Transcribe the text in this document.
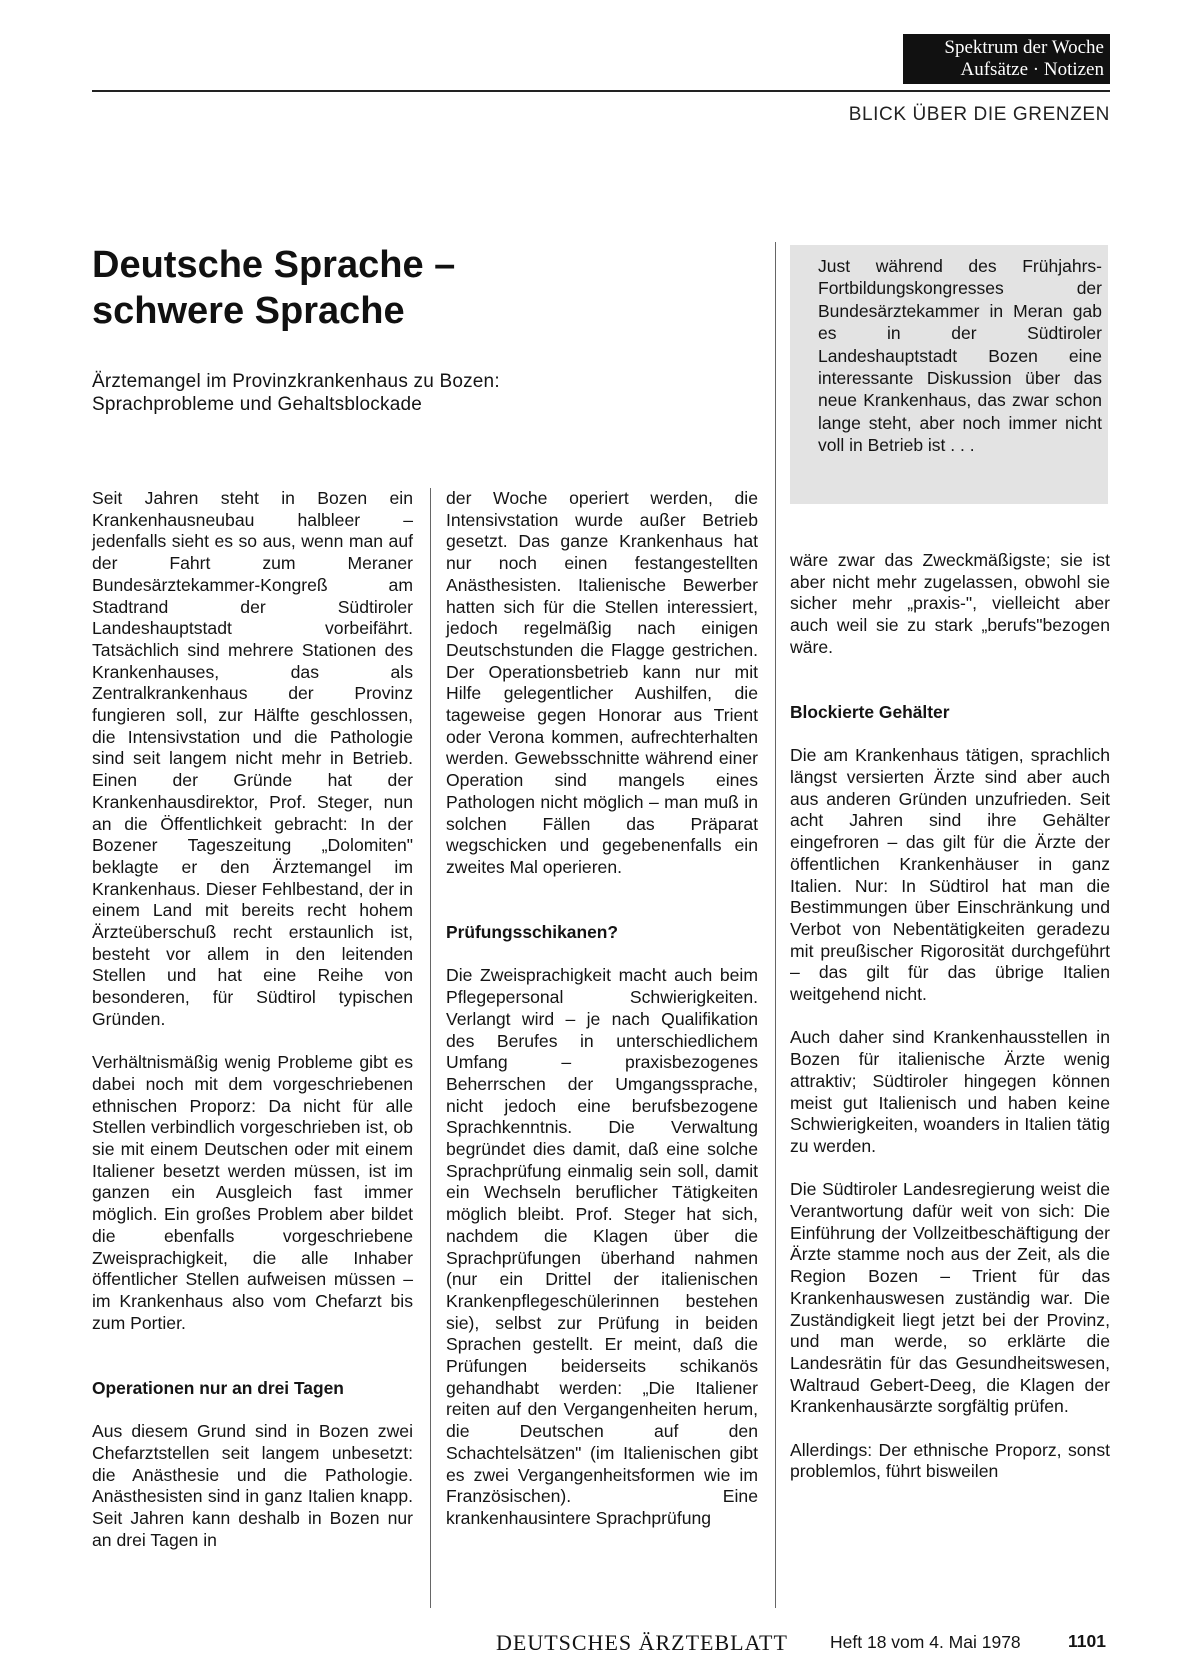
Spektrum der Woche
Aufsätze · Notizen
BLICK ÜBER DIE GRENZEN
Deutsche Sprache –
schwere Sprache
Ärztemangel im Provinzkrankenhaus zu Bozen:
Sprachprobleme und Gehaltsblockade
Just während des Frühjahrs-Fortbildungskongresses der Bundesärztekammer in Meran gab es in der Südtiroler Landeshauptstadt Bozen eine interessante Diskussion über das neue Krankenhaus, das zwar schon lange steht, aber noch immer nicht voll in Betrieb ist . . .

Seit Jahren steht in Bozen ein Krankenhausneubau halbleer – jedenfalls sieht es so aus, wenn man auf der Fahrt zum Meraner Bundesärztekammer-Kongreß am Stadtrand der Südtiroler Landeshauptstadt vorbeifährt. Tatsächlich sind mehrere Stationen des Krankenhauses, das als Zentralkrankenhaus der Provinz fungieren soll, zur Hälfte geschlossen, die Intensivstation und die Pathologie sind seit langem nicht mehr in Betrieb. Einen der Gründe hat der Krankenhausdirektor, Prof. Steger, nun an die Öffentlichkeit gebracht: In der Bozener Tageszeitung „Dolomiten" beklagte er den Ärztemangel im Krankenhaus. Dieser Fehlbestand, der in einem Land mit bereits recht hohem Ärzteüberschuß recht erstaunlich ist, besteht vor allem in den leitenden Stellen und hat eine Reihe von besonderen, für Südtirol typischen Gründen.

Verhältnismäßig wenig Probleme gibt es dabei noch mit dem vorgeschriebenen ethnischen Proporz: Da nicht für alle Stellen verbindlich vorgeschrieben ist, ob sie mit einem Deutschen oder mit einem Italiener besetzt werden müssen, ist im ganzen ein Ausgleich fast immer möglich. Ein großes Problem aber bildet die ebenfalls vorgeschriebene Zweisprachigkeit, die alle Inhaber öffentlicher Stellen aufweisen müssen – im Krankenhaus also vom Chefarzt bis zum Portier.

Operationen nur an drei Tagen

Aus diesem Grund sind in Bozen zwei Chefarztstellen seit langem unbesetzt: die Anästhesie und die Pathologie. Anästhesisten sind in ganz Italien knapp. Seit Jahren kann deshalb in Bozen nur an drei Tagen in

der Woche operiert werden, die Intensivstation wurde außer Betrieb gesetzt. Das ganze Krankenhaus hat nur noch einen festangestellten Anästhesisten. Italienische Bewerber hatten sich für die Stellen interessiert, jedoch regelmäßig nach einigen Deutschstunden die Flagge gestrichen. Der Operationsbetrieb kann nur mit Hilfe gelegentlicher Aushilfen, die tageweise gegen Honorar aus Trient oder Verona kommen, aufrechterhalten werden. Gewebsschnitte während einer Operation sind mangels eines Pathologen nicht möglich – man muß in solchen Fällen das Präparat wegschicken und gegebenenfalls ein zweites Mal operieren.

Prüfungsschikanen?

Die Zweisprachigkeit macht auch beim Pflegepersonal Schwierigkeiten. Verlangt wird – je nach Qualifikation des Berufes in unterschiedlichem Umfang – praxisbezogenes Beherrschen der Umgangssprache, nicht jedoch eine berufsbezogene Sprachkenntnis. Die Verwaltung begründet dies damit, daß eine solche Sprachprüfung einmalig sein soll, damit ein Wechseln beruflicher Tätigkeiten möglich bleibt. Prof. Steger hat sich, nachdem die Klagen über die Sprachprüfungen überhand nahmen (nur ein Drittel der italienischen Krankenpflegeschülerinnen bestehen sie), selbst zur Prüfung in beiden Sprachen gestellt. Er meint, daß die Prüfungen beiderseits schikanös gehandhabt werden: „Die Italiener reiten auf den Vergangenheiten herum, die Deutschen auf den Schachtelsätzen" (im Italienischen gibt es zwei Vergangenheitsformen wie im Französischen). Eine krankenhausintere Sprachprüfung

wäre zwar das Zweckmäßigste; sie ist aber nicht mehr zugelassen, obwohl sie sicher mehr „praxis-", vielleicht aber auch weil sie zu stark „berufs"bezogen wäre.

Blockierte Gehälter

Die am Krankenhaus tätigen, sprachlich längst versierten Ärzte sind aber auch aus anderen Gründen unzufrieden. Seit acht Jahren sind ihre Gehälter eingefroren – das gilt für die Ärzte der öffentlichen Krankenhäuser in ganz Italien. Nur: In Südtirol hat man die Bestimmungen über Einschränkung und Verbot von Nebentätigkeiten geradezu mit preußischer Rigorosität durchgeführt – das gilt für das übrige Italien weitgehend nicht.

Auch daher sind Krankenhausstellen in Bozen für italienische Ärzte wenig attraktiv; Südtiroler hingegen können meist gut Italienisch und haben keine Schwierigkeiten, woanders in Italien tätig zu werden.

Die Südtiroler Landesregierung weist die Verantwortung dafür weit von sich: Die Einführung der Vollzeitbeschäftigung der Ärzte stamme noch aus der Zeit, als die Region Bozen – Trient für das Krankenhauswesen zuständig war. Die Zuständigkeit liegt jetzt bei der Provinz, und man werde, so erklärte die Landesrätin für das Gesundheitswesen, Waltraud Gebert-Deeg, die Klagen der Krankenhausärzte sorgfältig prüfen.

Allerdings: Der ethnische Proporz, sonst problemlos, führt bisweilen

DEUTSCHES ÄRZTEBLATT Heft 18 vom 4. Mai 1978	1101
